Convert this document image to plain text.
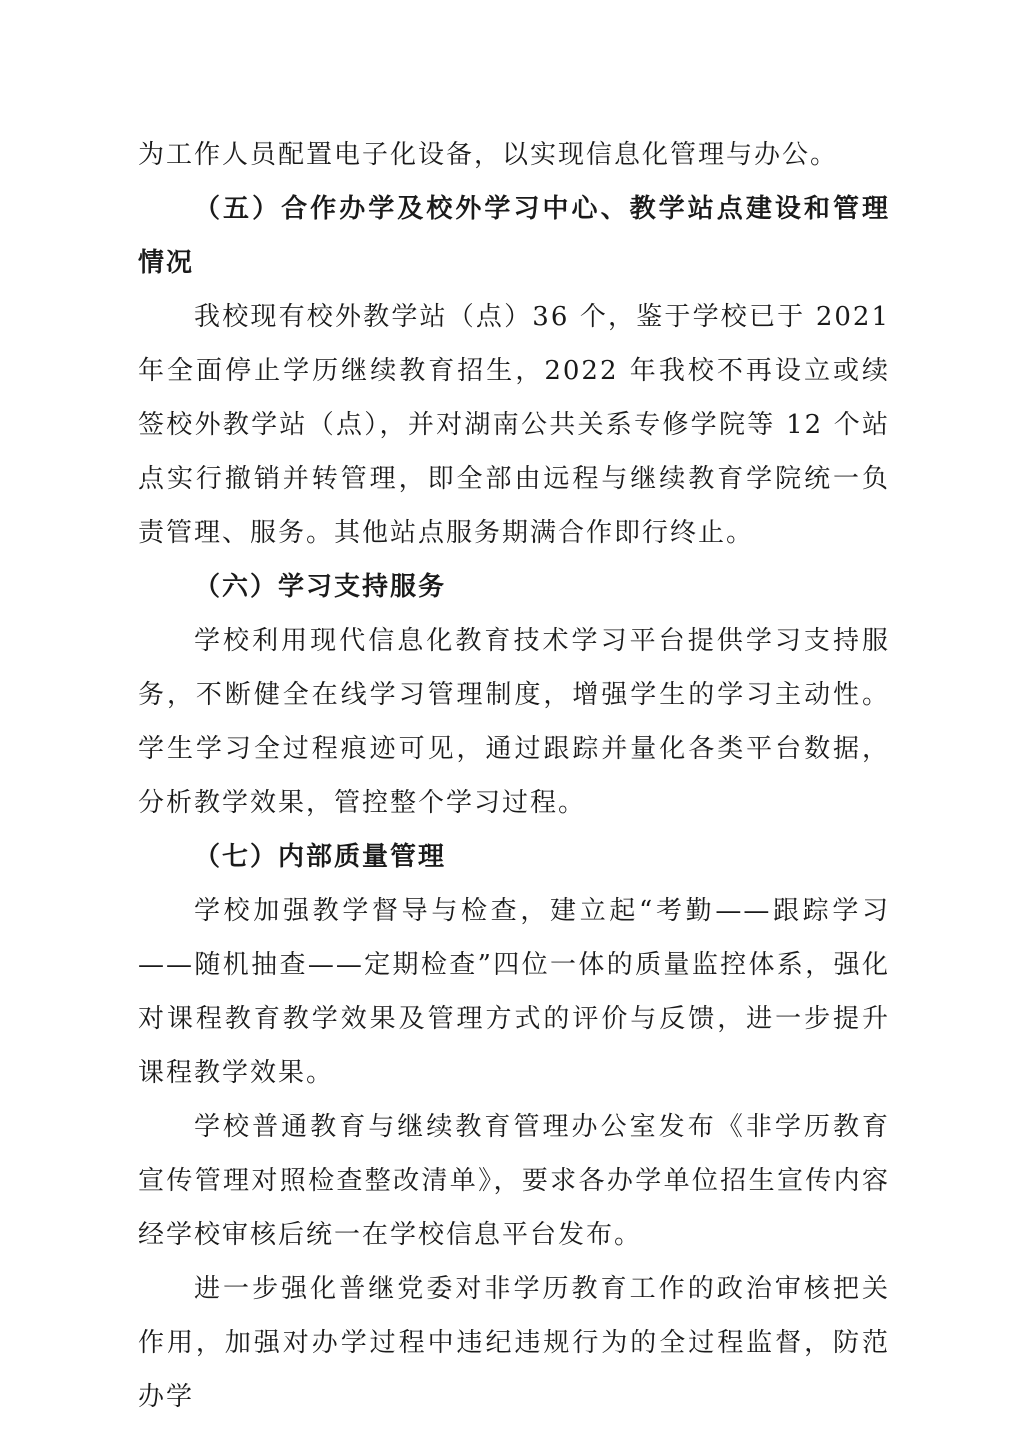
为工作人员配置电子化设备，以实现信息化管理与办公。

（五）合作办学及校外学习中心、教学站点建设和管理情况

我校现有校外教学站（点）36 个，鉴于学校已于 2021 年全面停止学历继续教育招生，2022 年我校不再设立或续签校外教学站（点），并对湖南公共关系专修学院等 12 个站点实行撤销并转管理，即全部由远程与继续教育学院统一负责管理、服务。其他站点服务期满合作即行终止。

（六）学习支持服务

学校利用现代信息化教育技术学习平台提供学习支持服务，不断健全在线学习管理制度，增强学生的学习主动性。学生学习全过程痕迹可见，通过跟踪并量化各类平台数据，分析教学效果，管控整个学习过程。

（七）内部质量管理

学校加强教学督导与检查，建立起“考勤——跟踪学习——随机抽查——定期检查”四位一体的质量监控体系，强化对课程教育教学效果及管理方式的评价与反馈，进一步提升课程教学效果。

学校普通教育与继续教育管理办公室发布《非学历教育宣传管理对照检查整改清单》，要求各办学单位招生宣传内容经学校审核后统一在学校信息平台发布。

进一步强化普继党委对非学历教育工作的政治审核把关作用，加强对办学过程中违纪违规行为的全过程监督，防范办学
